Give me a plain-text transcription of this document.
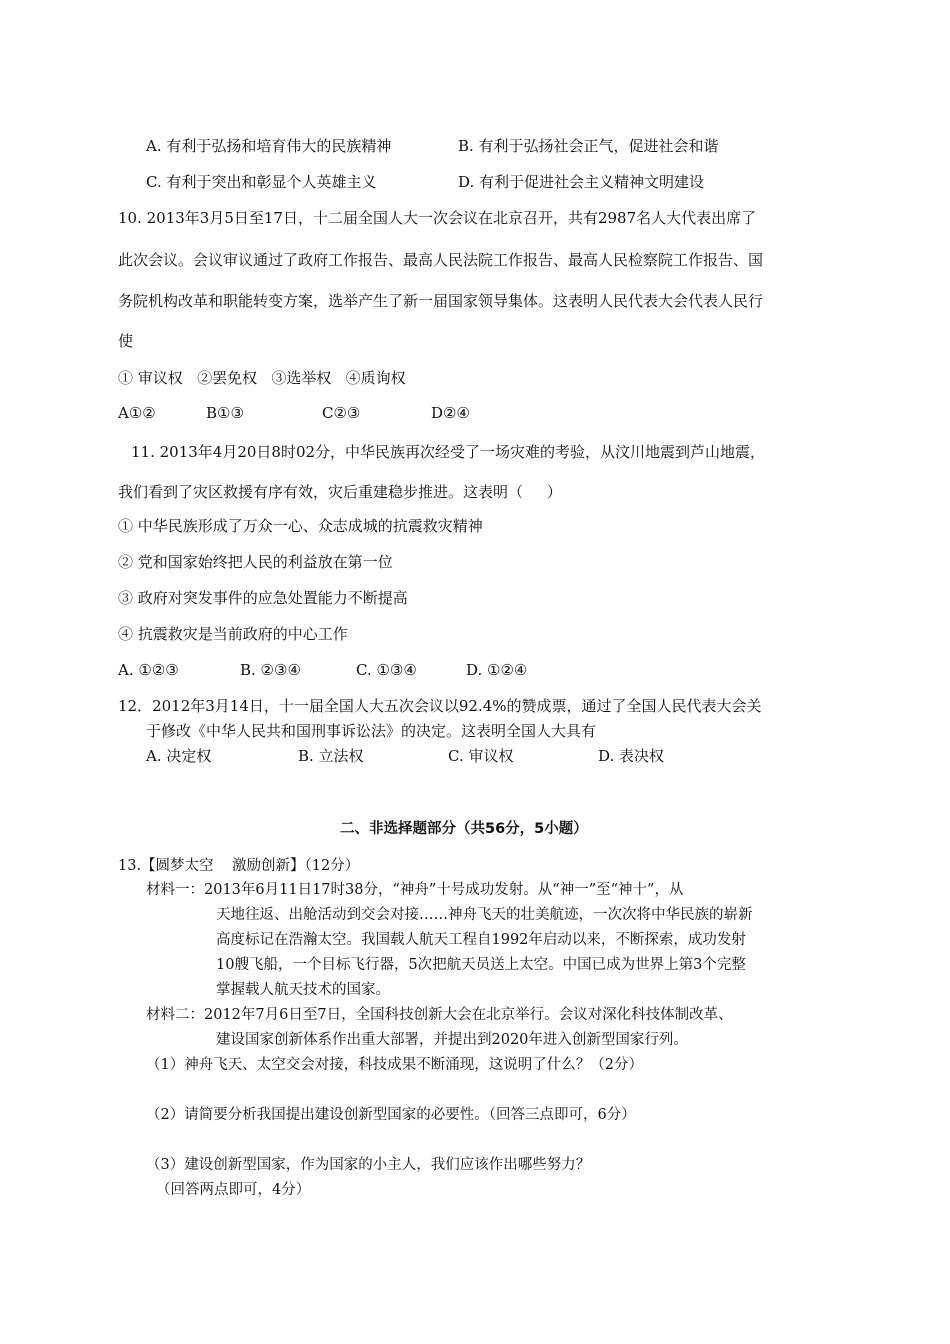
A. 有利于弘扬和培育伟大的民族精神	B. 有利于弘扬社会正气，促进社会和谐
C. 有利于突出和彰显个人英雄主义	D. 有利于促进社会主义精神文明建设
10. 2013年3月5日至17日，十二届全国人大一次会议在北京召开，共有2987名人大代表出席了
此次会议。会议审议通过了政府工作报告、最高人民法院工作报告、最高人民检察院工作报告、国
务院机构改革和职能转变方案，选举产生了新一届国家领导集体。这表明人民代表大会代表人民行
使
① 审议权   ②罢免权   ③选举权   ④质询权
A①②	B①③	C②③	D②④
11. 2013年4月20日8时02分，中华民族再次经受了一场灾难的考验，从汶川地震到芦山地震，
我们看到了灾区救援有序有效，灾后重建稳步推进。这表明（     ）
① 中华民族形成了万众一心、众志成城的抗震救灾精神
② 党和国家始终把人民的利益放在第一位
③ 政府对突发事件的应急处置能力不断提高
④ 抗震救灾是当前政府的中心工作
A. ①②③	B. ②③④	C. ①③④	D. ①②④
12．2012年3月14日，十一届全国人大五次会议以92.4%的赞成票，通过了全国人民代表大会关
于修改《中华人民共和国刑事诉讼法》的决定。这表明全国人大具有
A. 决定权	B. 立法权	C. 审议权	D. 表决权
二、非选择题部分（共56分，5小题）
13.【圆梦太空    激励创新】（12分）
材料一：2013年6月11日17时38分，“神舟”十号成功发射。从“神一”至“神十”，从
天地往返、出舱活动到交会对接……神舟飞天的壮美航迹，一次次将中华民族的崭新
高度标记在浩瀚太空。我国载人航天工程自1992年启动以来，不断探索，成功发射
10艘飞船，一个目标飞行器，5次把航天员送上太空。中国已成为世界上第3个完整
掌握载人航天技术的国家。
材料二：2012年7月6日至7日，全国科技创新大会在北京举行。会议对深化科技体制改革、
建设国家创新体系作出重大部署，并提出到2020年进入创新型国家行列。
（1）神舟飞天、太空交会对接，科技成果不断涌现，这说明了什么？（2分）
（2）请简要分析我国提出建设创新型国家的必要性。（回答三点即可，6分）
（3）建设创新型国家，作为国家的小主人，我们应该作出哪些努力？
（回答两点即可，4分）
